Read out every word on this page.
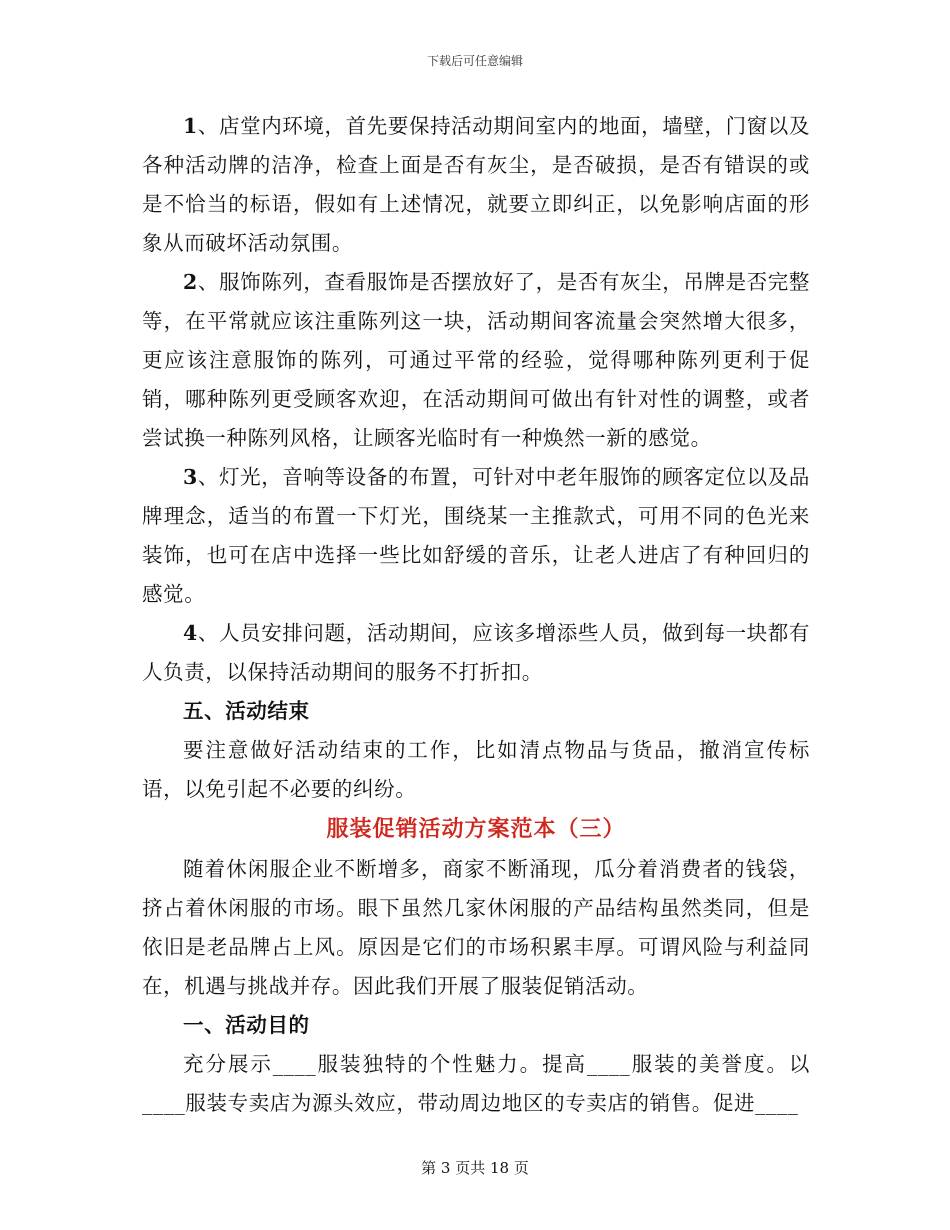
下载后可任意编辑

1、店堂内环境，首先要保持活动期间室内的地面，墙壁，门窗以及各种活动牌的洁净，检查上面是否有灰尘，是否破损，是否有错误的或是不恰当的标语，假如有上述情况，就要立即纠正，以免影响店面的形象从而破坏活动氛围。

2、服饰陈列，查看服饰是否摆放好了，是否有灰尘，吊牌是否完整等，在平常就应该注重陈列这一块，活动期间客流量会突然增大很多，更应该注意服饰的陈列，可通过平常的经验，觉得哪种陈列更利于促销，哪种陈列更受顾客欢迎，在活动期间可做出有针对性的调整，或者尝试换一种陈列风格，让顾客光临时有一种焕然一新的感觉。

3、灯光，音响等设备的布置，可针对中老年服饰的顾客定位以及品牌理念，适当的布置一下灯光，围绕某一主推款式，可用不同的色光来装饰，也可在店中选择一些比如舒缓的音乐，让老人进店了有种回归的感觉。

4、人员安排问题，活动期间，应该多增添些人员，做到每一块都有人负责，以保持活动期间的服务不打折扣。

五、活动结束

要注意做好活动结束的工作，比如清点物品与货品，撤消宣传标语，以免引起不必要的纠纷。

服装促销活动方案范本（三）

随着休闲服企业不断增多，商家不断涌现，瓜分着消费者的钱袋，挤占着休闲服的市场。眼下虽然几家休闲服的产品结构虽然类同，但是依旧是老品牌占上风。原因是它们的市场积累丰厚。可谓风险与利益同在，机遇与挑战并存。因此我们开展了服装促销活动。

一、活动目的

充分展示____服装独特的个性魅力。提高____服装的美誉度。以____服装专卖店为源头效应，带动周边地区的专卖店的销售。促进____

第 3 页共 18 页
